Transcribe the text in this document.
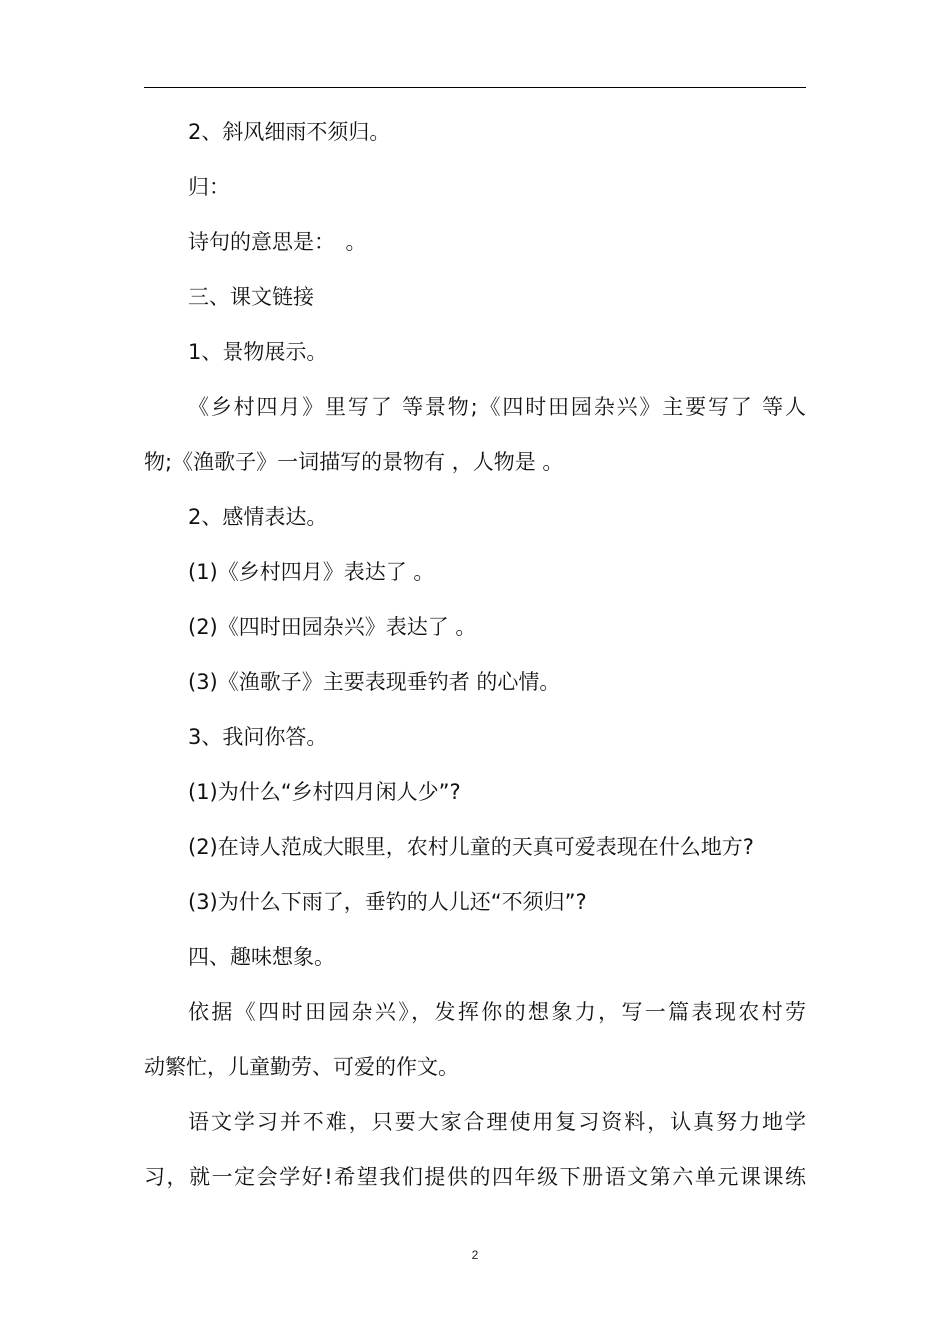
2、斜风细雨不须归。
归：
诗句的意思是：　。
三、课文链接
1、景物展示。
《乡村四月》里写了 等景物;《四时田园杂兴》主要写了 等人
物;《渔歌子》一词描写的景物有 ，人物是 。
2、感情表达。
(1)《乡村四月》表达了 。
(2)《四时田园杂兴》表达了 。
(3)《渔歌子》主要表现垂钓者 的心情。
3、我问你答。
(1)为什么“乡村四月闲人少”?
(2)在诗人范成大眼里，农村儿童的天真可爱表现在什么地方?
(3)为什么下雨了，垂钓的人儿还“不须归”?
四、趣味想象。
依据《四时田园杂兴》，发挥你的想象力，写一篇表现农村劳
动繁忙，儿童勤劳、可爱的作文。
语文学习并不难，只要大家合理使用复习资料，认真努力地学
习，就一定会学好!希望我们提供的四年级下册语文第六单元课课练
2
